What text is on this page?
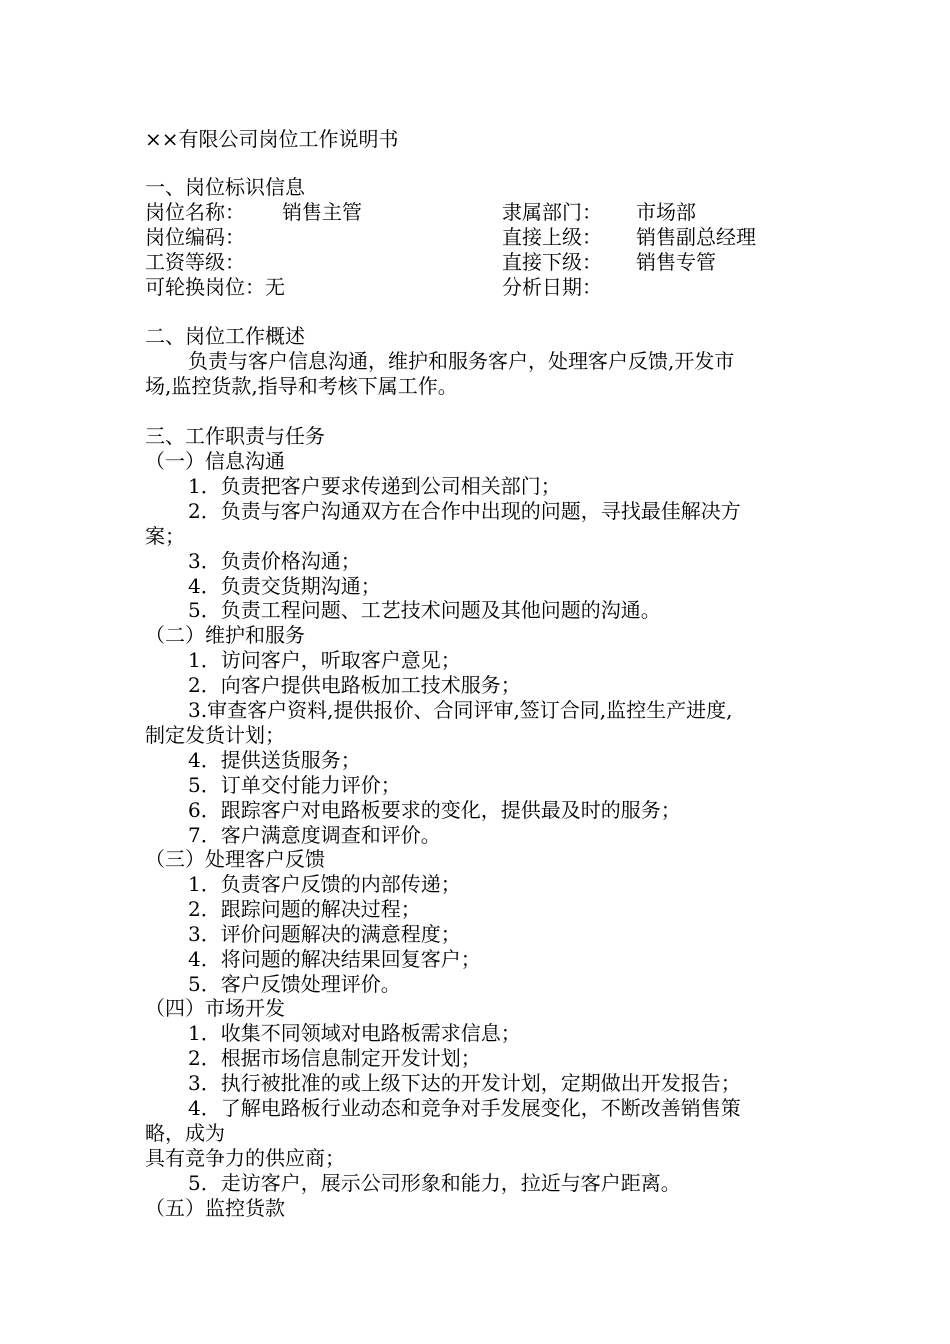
××有限公司岗位工作说明书
一、岗位标识信息
岗位名称： 销售主管	隶属部门： 市场部
岗位编码：	直接上级： 销售副总经理
工资等级：	直接下级： 销售专管
可轮换岗位：无	分析日期：
二、岗位工作概述
负责与客户信息沟通，维护和服务客户，处理客户反馈,开发市
场,监控货款,指导和考核下属工作。
三、工作职责与任务
（一）信息沟通
1．负责把客户要求传递到公司相关部门；
2．负责与客户沟通双方在合作中出现的问题，寻找最佳解决方
案；
3．负责价格沟通；
4．负责交货期沟通；
5．负责工程问题、工艺技术问题及其他问题的沟通。
（二）维护和服务
1．访问客户，听取客户意见；
2．向客户提供电路板加工技术服务；
3.审查客户资料,提供报价、合同评审,签订合同,监控生产进度,
制定发货计划；
4．提供送货服务；
5．订单交付能力评价；
6．跟踪客户对电路板要求的变化，提供最及时的服务；
7．客户满意度调查和评价。
（三）处理客户反馈
1．负责客户反馈的内部传递；
2．跟踪问题的解决过程；
3．评价问题解决的满意程度；
4．将问题的解决结果回复客户；
5．客户反馈处理评价。
（四）市场开发
1．收集不同领域对电路板需求信息；
2．根据市场信息制定开发计划；
3．执行被批准的或上级下达的开发计划，定期做出开发报告；
4．了解电路板行业动态和竞争对手发展变化，不断改善销售策
略，成为
具有竞争力的供应商；
5．走访客户，展示公司形象和能力，拉近与客户距离。
（五）监控货款
